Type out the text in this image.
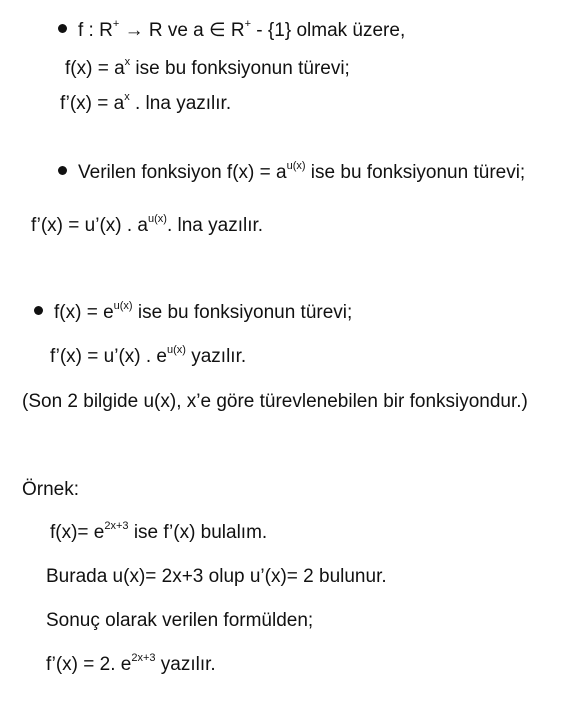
f : R+ → R ve a ∈ R+ - {1} olmak üzere,
$f(x) = a^x$ ise bu fonksiyonun türevi;
f’(x) = $a^x$ . lna yazılır.
Verilen fonksiyon $f(x) = a^{u(x)}$ ise bu fonksiyonun türevi;
f’(x) = u’(x) . $a^{u(x)}$. lna yazılır.
$f(x) = e^{u(x)}$ ise bu fonksiyonun türevi;
f’(x) = u’(x) . $e^{u(x)}$ yazılır.
(Son 2 bilgide u(x), x’e göre türevlenebilen bir fonksiyondur.)
Örnek:
$f(x)= e^{2x+3}$ ise f’(x) bulalım.
Burada u(x)= 2x+3 olup u’(x)= 2 bulunur.
Sonuç olarak verilen formülden;
f’(x) = 2. $e^{2x+3}$ yazılır.
